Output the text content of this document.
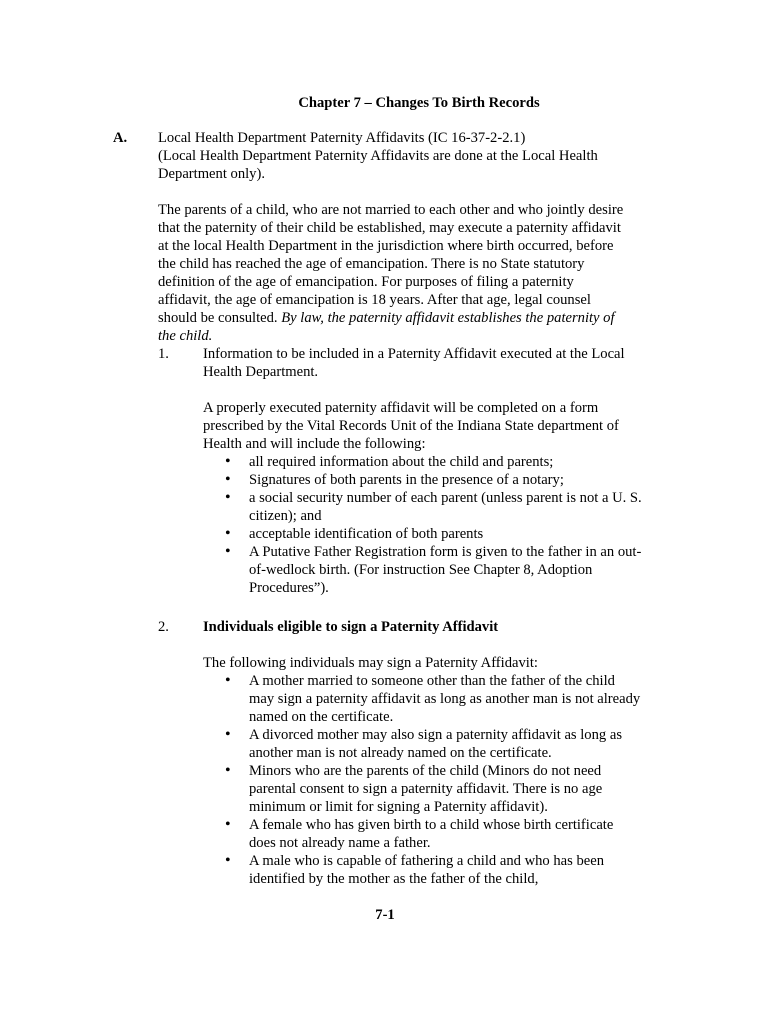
Chapter 7 – Changes To Birth Records
A. Local Health Department Paternity Affidavits (IC 16-37-2-2.1)
(Local Health Department Paternity Affidavits are done at the Local Health Department only).
The parents of a child, who are not married to each other and who jointly desire that the paternity of their child be established, may execute a paternity affidavit at the local Health Department in the jurisdiction where birth occurred, before the child has reached the age of emancipation. There is no State statutory definition of the age of emancipation. For purposes of filing a paternity affidavit, the age of emancipation is 18 years. After that age, legal counsel should be consulted. By law, the paternity affidavit establishes the paternity of the child.
1. Information to be included in a Paternity Affidavit executed at the Local Health Department.
A properly executed paternity affidavit will be completed on a form prescribed by the Vital Records Unit of the Indiana State department of Health and will include the following:
• all required information about the child and parents;
• Signatures of both parents in the presence of a notary;
• a social security number of each parent (unless parent is not a U. S. citizen); and
• acceptable identification of both parents
• A Putative Father Registration form is given to the father in an out-of-wedlock birth. (For instruction See Chapter 8, Adoption Procedures”).
2. Individuals eligible to sign a Paternity Affidavit
The following individuals may sign a Paternity Affidavit:
• A mother married to someone other than the father of the child may sign a paternity affidavit as long as another man is not already named on the certificate.
• A divorced mother may also sign a paternity affidavit as long as another man is not already named on the certificate.
• Minors who are the parents of the child (Minors do not need parental consent to sign a paternity affidavit. There is no age minimum or limit for signing a Paternity affidavit).
• A female who has given birth to a child whose birth certificate does not already name a father.
• A male who is capable of fathering a child and who has been identified by the mother as the father of the child,
7-1
